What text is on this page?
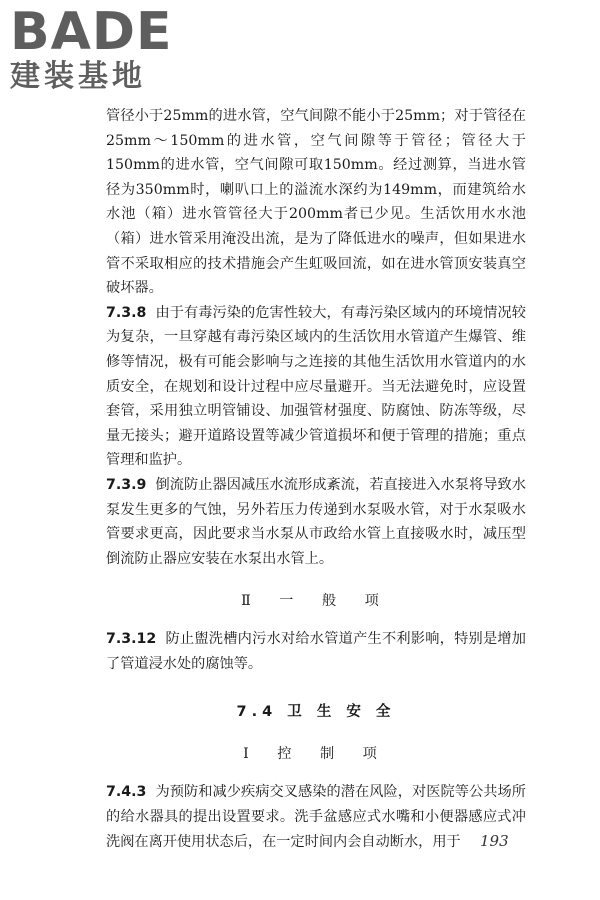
BADE
建装基地

管径小于25mm的进水管，空气间隙不能小于25mm；对于管径在25mm～150mm的进水管，空气间隙等于管径；管径大于150mm的进水管，空气间隙可取150mm。经过测算，当进水管径为350mm时，喇叭口上的溢流水深约为149mm，而建筑给水水池（箱）进水管管径大于200mm者已少见。生活饮用水水池（箱）进水管采用淹没出流，是为了降低进水的噪声，但如果进水管不采取相应的技术措施会产生虹吸回流，如在进水管顶安装真空破坏器。

7.3.8 由于有毒污染的危害性较大，有毒污染区域内的环境情况较为复杂，一旦穿越有毒污染区域内的生活饮用水管道产生爆管、维修等情况，极有可能会影响与之连接的其他生活饮用水管道内的水质安全，在规划和设计过程中应尽量避开。当无法避免时，应设置套管，采用独立明管铺设、加强管材强度、防腐蚀、防冻等级，尽量无接头；避开道路设置等减少管道损坏和便于管理的措施；重点管理和监护。

7.3.9 倒流防止器因减压水流形成紊流，若直接进入水泵将导致水泵发生更多的气蚀，另外若压力传递到水泵吸水管，对于水泵吸水管要求更高，因此要求当水泵从市政给水管上直接吸水时，减压型倒流防止器应安装在水泵出水管上。

Ⅱ 一 般 项

7.3.12 防止盥洗槽内污水对给水管道产生不利影响，特别是增加了管道浸水处的腐蚀等。

7.4 卫 生 安 全
Ⅰ 控 制 项

7.4.3 为预防和减少疾病交叉感染的潜在风险，对医院等公共场所的给水器具的提出设置要求。洗手盆感应式水嘴和小便器感应式冲洗阀在离开使用状态后，在一定时间内会自动断水，用于	193
